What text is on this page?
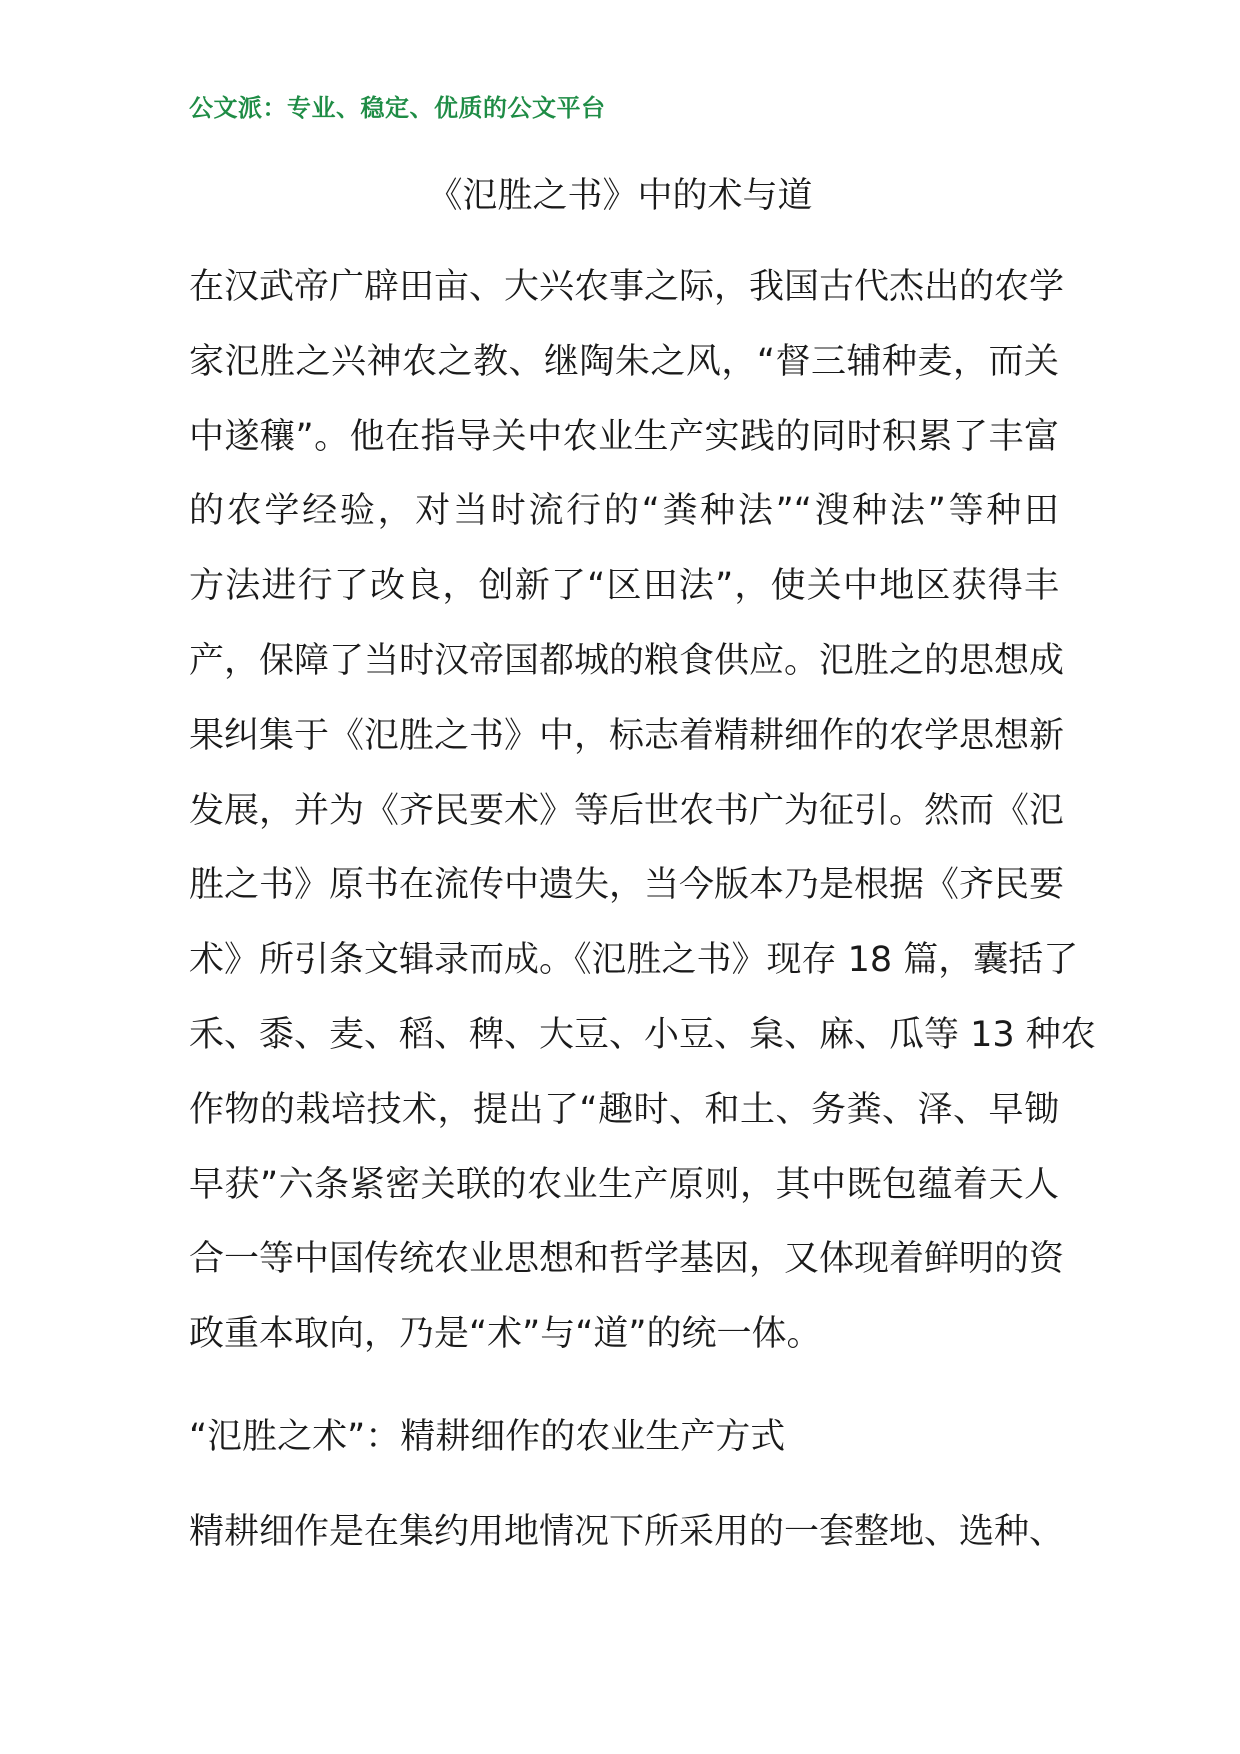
公文派：专业、稳定、优质的公文平台
《氾胜之书》中的术与道
在汉武帝广辟田亩、大兴农事之际，我国古代杰出的农学
家氾胜之兴神农之教、继陶朱之风，“督三辅种麦，而关
中遂穰”。他在指导关中农业生产实践的同时积累了丰富
的农学经验，对当时流行的“粪种法”“溲种法”等种田
方法进行了改良，创新了“区田法”，使关中地区获得丰
产，保障了当时汉帝国都城的粮食供应。氾胜之的思想成
果纠集于《氾胜之书》中，标志着精耕细作的农学思想新
发展，并为《齐民要术》等后世农书广为征引。然而《氾
胜之书》原书在流传中遗失，当今版本乃是根据《齐民要
术》所引条文辑录而成。《氾胜之书》现存 18 篇，囊括了
禾、黍、麦、稻、稗、大豆、小豆、枲、麻、瓜等 13 种农
作物的栽培技术，提出了“趣时、和土、务粪、泽、早锄
早获”六条紧密关联的农业生产原则，其中既包蕴着天人
合一等中国传统农业思想和哲学基因，又体现着鲜明的资
政重本取向，乃是“术”与“道”的统一体。
“氾胜之术”：精耕细作的农业生产方式
精耕细作是在集约用地情况下所采用的一套整地、选种、
